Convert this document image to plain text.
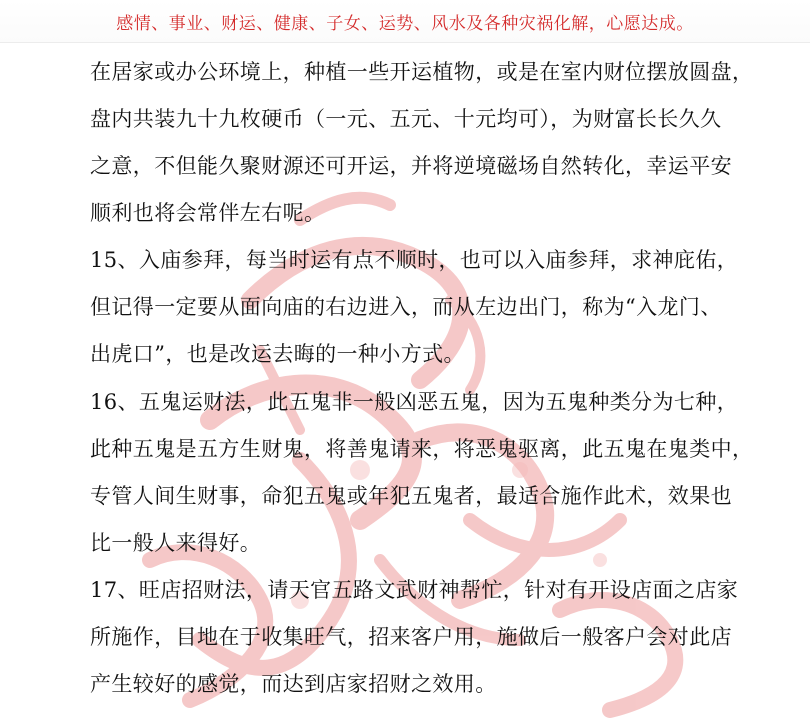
感情、事业、财运、健康、子女、运势、风水及各种灾祸化解，心愿达成。
在居家或办公环境上，种植一些开运植物，或是在室内财位摆放圆盘，
盘内共装九十九枚硬币（一元、五元、十元均可），为财富长长久久
之意，不但能久聚财源还可开运，并将逆境磁场自然转化，幸运平安
顺利也将会常伴左右呢。
15、入庙参拜，每当时运有点不顺时，也可以入庙参拜，求神庇佑，
但记得一定要从面向庙的右边进入，而从左边出门，称为“入龙门、
出虎口”，也是改运去晦的一种小方式。
16、五鬼运财法，此五鬼非一般凶恶五鬼，因为五鬼种类分为七种，
此种五鬼是五方生财鬼，将善鬼请来，将恶鬼驱离，此五鬼在鬼类中，
专管人间生财事，命犯五鬼或年犯五鬼者，最适合施作此术，效果也
比一般人来得好。
17、旺店招财法，请天官五路文武财神帮忙，针对有开设店面之店家
所施作，目地在于收集旺气，招来客户用，施做后一般客户会对此店
产生较好的感觉，而达到店家招财之效用。
